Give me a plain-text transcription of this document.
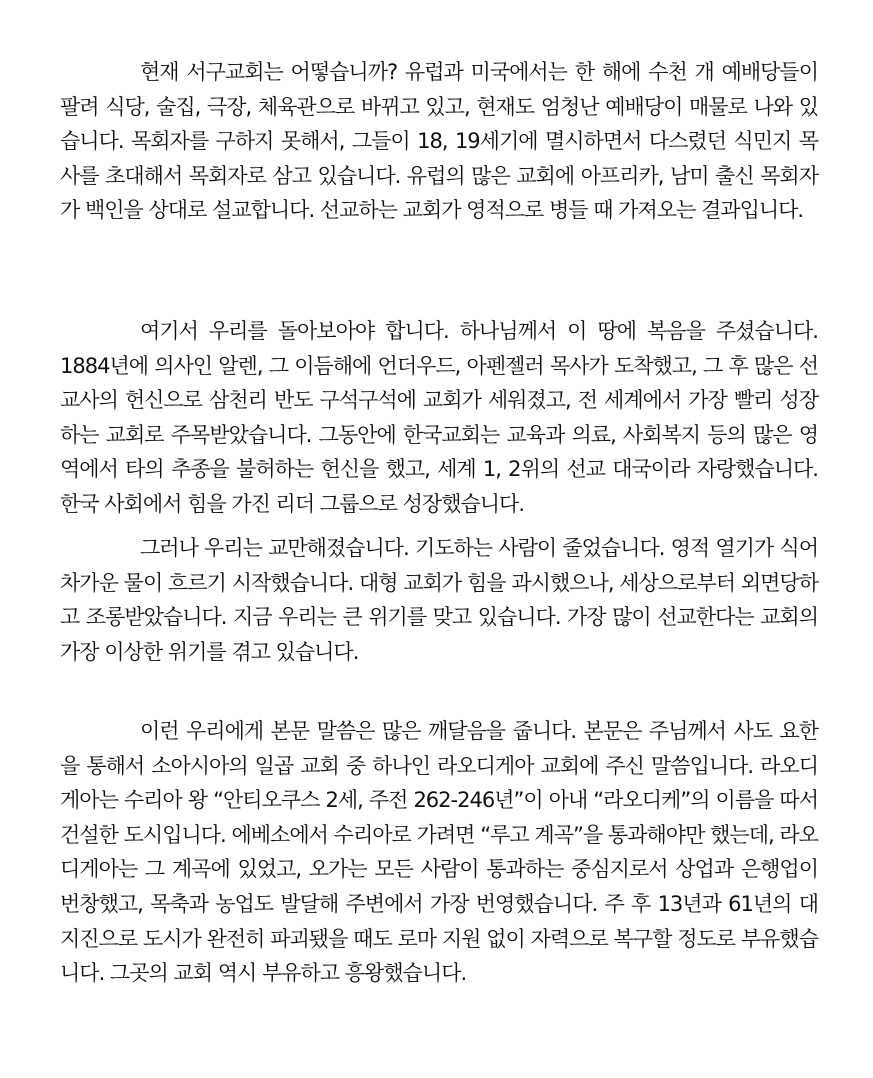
현재 서구교회는 어떻습니까? 유럽과 미국에서는 한 해에 수천 개 예배당들이 팔려 식당, 술집, 극장, 체육관으로 바뀌고 있고, 현재도 엄청난 예배당이 매물로 나와 있습니다. 목회자를 구하지 못해서, 그들이 18, 19세기에 멸시하면서 다스렸던 식민지 목사를 초대해서 목회자로 삼고 있습니다. 유럽의 많은 교회에 아프리카, 남미 출신 목회자가 백인을 상대로 설교합니다. 선교하는 교회가 영적으로 병들 때 가져오는 결과입니다.

여기서 우리를 돌아보아야 합니다. 하나님께서 이 땅에 복음을 주셨습니다. 1884년에 의사인 알렌, 그 이듬해에 언더우드, 아펜젤러 목사가 도착했고, 그 후 많은 선교사의 헌신으로 삼천리 반도 구석구석에 교회가 세워졌고, 전 세계에서 가장 빨리 성장하는 교회로 주목받았습니다. 그동안에 한국교회는 교육과 의료, 사회복지 등의 많은 영역에서 타의 추종을 불허하는 헌신을 했고, 세계 1, 2위의 선교 대국이라 자랑했습니다. 한국 사회에서 힘을 가진 리더 그룹으로 성장했습니다.

그러나 우리는 교만해졌습니다. 기도하는 사람이 줄었습니다. 영적 열기가 식어 차가운 물이 흐르기 시작했습니다. 대형 교회가 힘을 과시했으나, 세상으로부터 외면당하고 조롱받았습니다. 지금 우리는 큰 위기를 맞고 있습니다. 가장 많이 선교한다는 교회의 가장 이상한 위기를 겪고 있습니다.

이런 우리에게 본문 말씀은 많은 깨달음을 줍니다. 본문은 주님께서 사도 요한을 통해서 소아시아의 일곱 교회 중 하나인 라오디게아 교회에 주신 말씀입니다. 라오디게아는 수리아 왕 “안티오쿠스 2세, 주전 262-246년”이 아내 “라오디케”의 이름을 따서 건설한 도시입니다. 에베소에서 수리아로 가려면 “루고 계곡”을 통과해야만 했는데, 라오디게아는 그 계곡에 있었고, 오가는 모든 사람이 통과하는 중심지로서 상업과 은행업이 번창했고, 목축과 농업도 발달해 주변에서 가장 번영했습니다. 주 후 13년과 61년의 대지진으로 도시가 완전히 파괴됐을 때도 로마 지원 없이 자력으로 복구할 정도로 부유했습니다. 그곳의 교회 역시 부유하고 흥왕했습니다.
